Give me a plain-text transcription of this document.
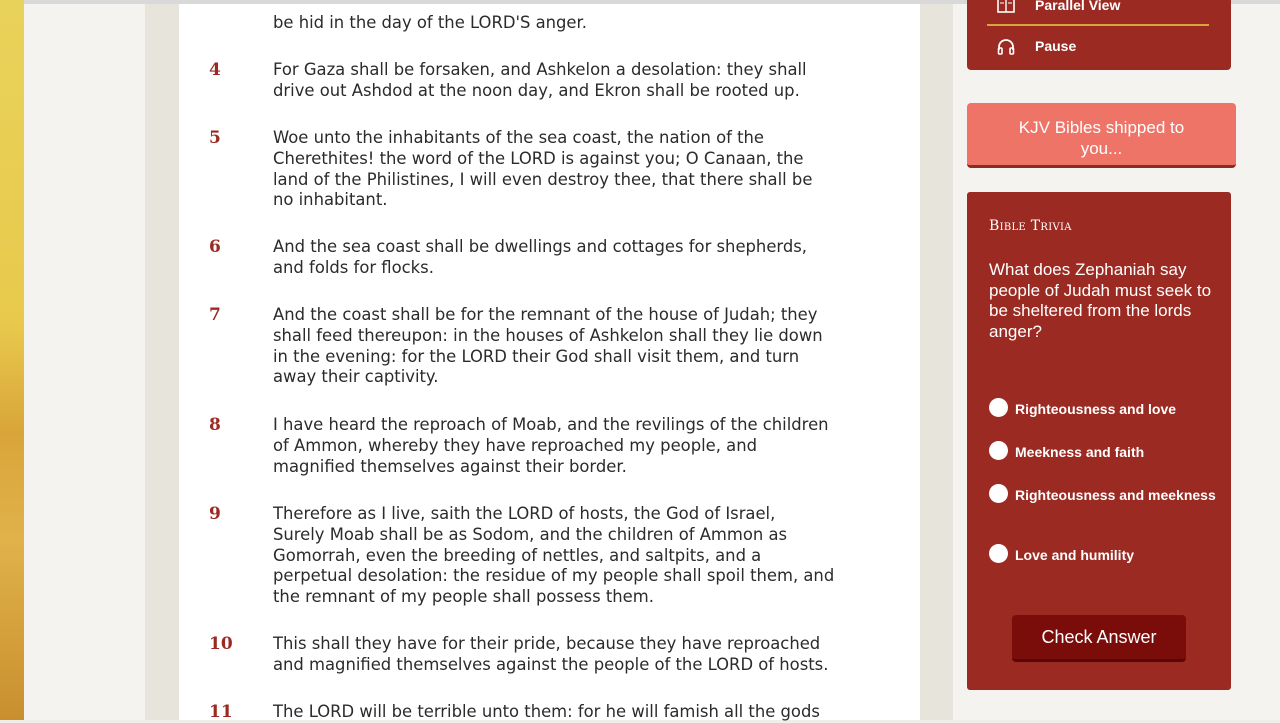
be hid in the day of the LORD'S anger.
4	For Gaza shall be forsaken, and Ashkelon a desolation: they shall
drive out Ashdod at the noon day, and Ekron shall be rooted up.
5	Woe unto the inhabitants of the sea coast, the nation of the
Cherethites! the word of the LORD is against you; O Canaan, the
land of the Philistines, I will even destroy thee, that there shall be
no inhabitant.
6	And the sea coast shall be dwellings and cottages for shepherds,
and folds for flocks.
7	And the coast shall be for the remnant of the house of Judah; they
shall feed thereupon: in the houses of Ashkelon shall they lie down
in the evening: for the LORD their God shall visit them, and turn
away their captivity.
8	I have heard the reproach of Moab, and the revilings of the children
of Ammon, whereby they have reproached my people, and
magnified themselves against their border.
9	Therefore as I live, saith the LORD of hosts, the God of Israel,
Surely Moab shall be as Sodom, and the children of Ammon as
Gomorrah, even the breeding of nettles, and saltpits, and a
perpetual desolation: the residue of my people shall spoil them, and
the remnant of my people shall possess them.
10	This shall they have for their pride, because they have reproached
and magnified themselves against the people of the LORD of hosts.
11	The LORD will be terrible unto them: for he will famish all the gods
Parallel View
Pause
KJV Bibles shipped to you...
Bible Trivia
What does Zephaniah say people of Judah must seek to be sheltered from the lords anger?
Righteousness and love
Meekness and faith
Righteousness and meekness
Love and humility
Check Answer
